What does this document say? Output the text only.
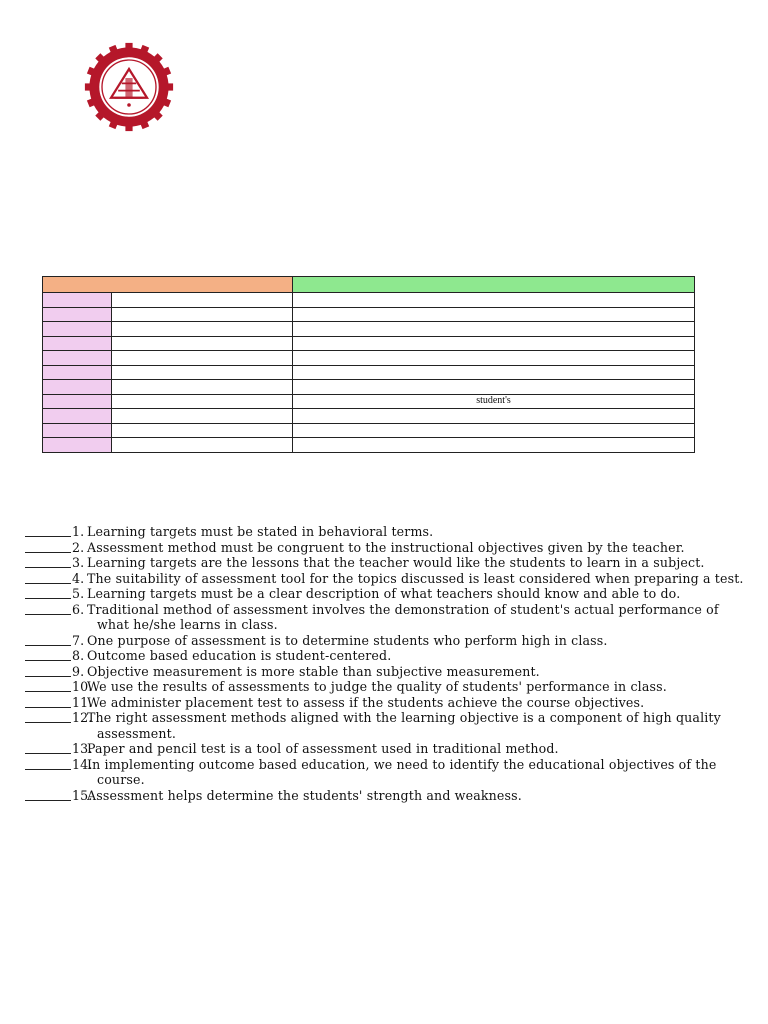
		student's

1. Learning targets must be stated in behavioral terms.
2. Assessment method must be congruent to the instructional objectives given by the teacher.
3. Learning targets are the lessons that the teacher would like the students to learn in a subject.
4. The suitability of assessment tool for the topics discussed is least considered when preparing a test.
5. Learning targets must be a clear description of what teachers should know and able to do.
6. Traditional method of assessment involves the demonstration of student's actual performance of
what he/she learns in class.
7. One purpose of assessment is to determine students who perform high in class.
8. Outcome based education is student-centered.
9. Objective measurement is more stable than subjective measurement.
10.
We use the results of assessments to judge the quality of students' performance in class.
11.
We administer placement test to assess if the students achieve the course objectives.
12.
The right assessment methods aligned with the learning objective is a component of high quality
assessment.
13.
Paper and pencil test is a tool of assessment used in traditional method.
14.
In implementing outcome based education, we need to identify the educational objectives of the
course.
15.
Assessment helps determine the students' strength and weakness.
